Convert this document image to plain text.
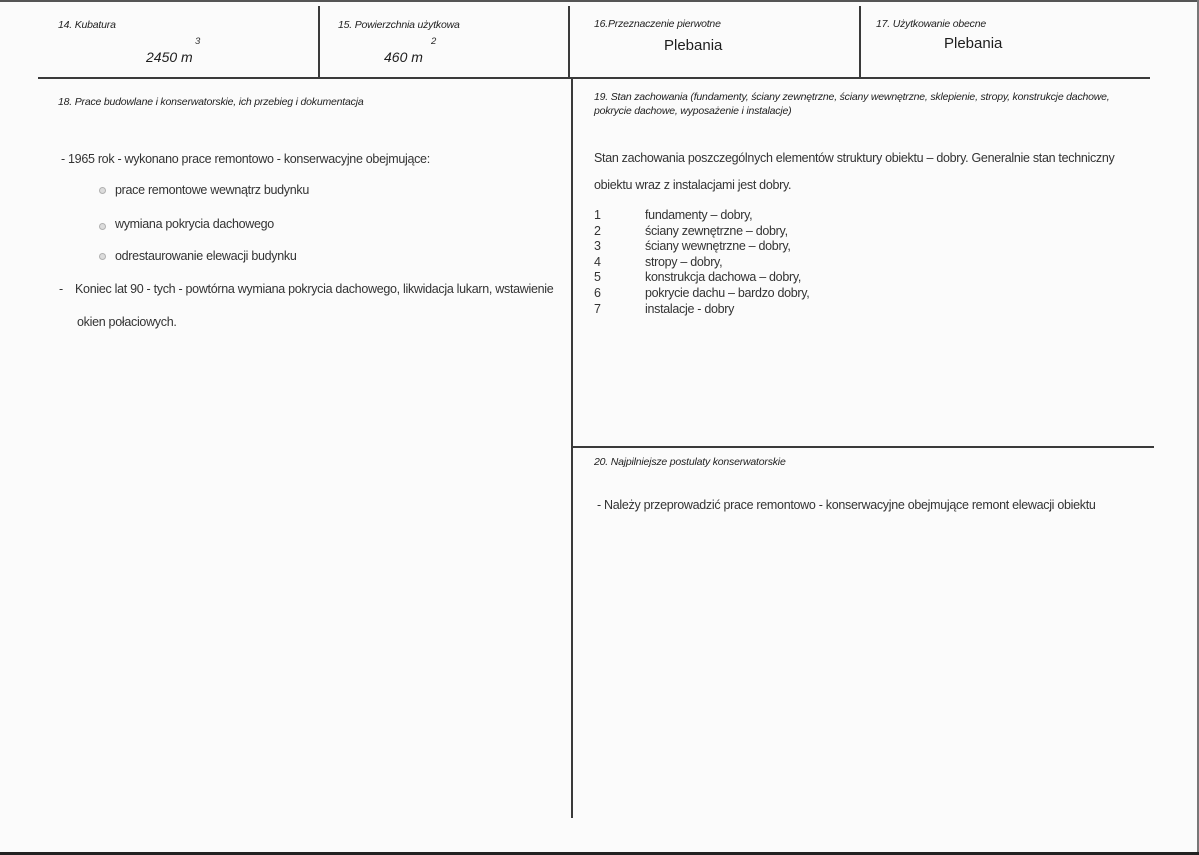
14. Kubatura
3
2450 m
15. Powierzchnia użytkowa
2
460 m
16.Przeznaczenie pierwotne
Plebania
17. Użytkowanie obecne
Plebania
18. Prace budowlane i konserwatorskie, ich przebieg i dokumentacja
- 1965 rok - wykonano prace remontowo - konserwacyjne obejmujące:
prace remontowe wewnątrz budynku
wymiana pokrycia dachowego
odrestaurowanie elewacji budynku
- Koniec lat 90 - tych - powtórna wymiana pokrycia dachowego, likwidacja lukarn, wstawienie
okien połaciowych.
19. Stan zachowania (fundamenty, ściany zewnętrzne, ściany wewnętrzne, sklepienie, stropy, konstrukcje dachowe,
pokrycie dachowe, wyposażenie i instalacje)
Stan zachowania poszczególnych elementów struktury obiektu – dobry. Generalnie stan techniczny
obiektu wraz z instalacjami jest dobry.
1	fundamenty – dobry,
2	ściany zewnętrzne – dobry,
3	ściany wewnętrzne – dobry,
4	stropy – dobry,
5	konstrukcja dachowa – dobry,
6	pokrycie dachu – bardzo dobry,
7	instalacje - dobry
20. Najpilniejsze postulaty konserwatorskie
- Należy przeprowadzić prace remontowo - konserwacyjne obejmujące remont elewacji obiektu
